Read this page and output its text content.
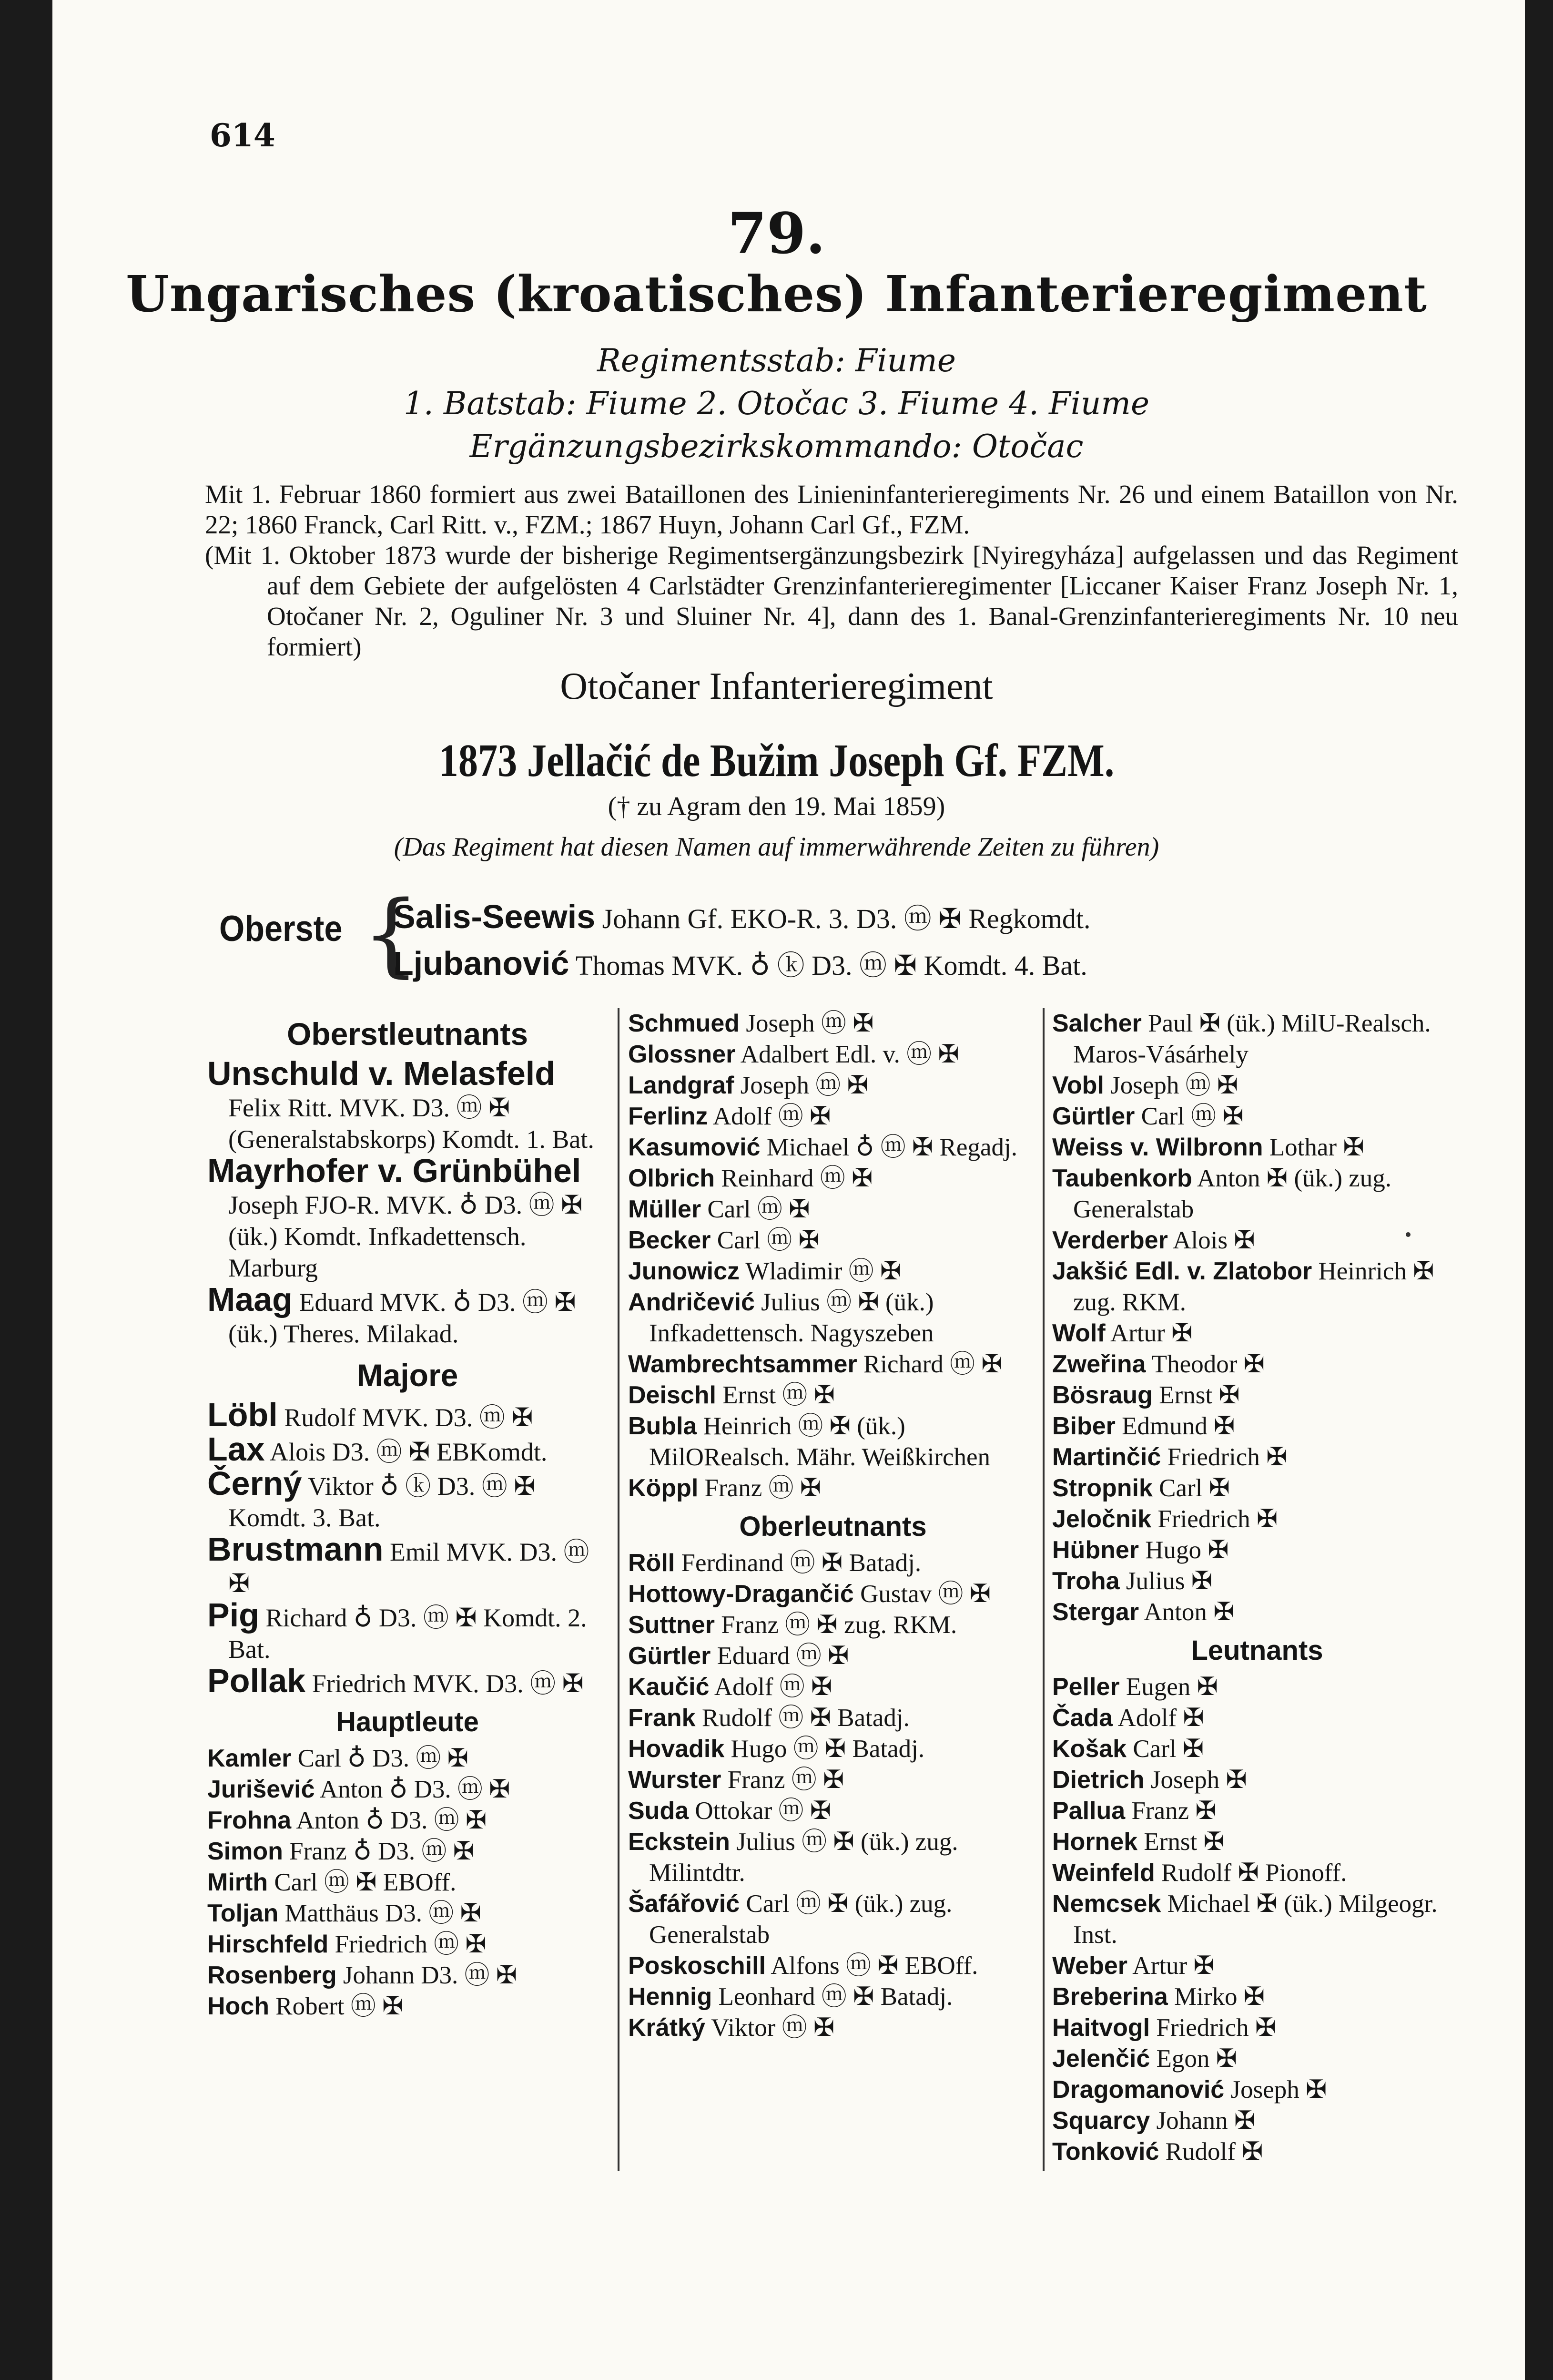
614
79.
Ungarisches (kroatisches) Infanterieregiment
Regimentsstab: Fiume
1. Batstab: Fiume 2. Otočac 3. Fiume 4. Fiume
Ergänzungsbezirkskommando: Otočac

Mit 1. Februar 1860 formiert aus zwei Bataillonen des Linieninfanterieregiments Nr. 26 und einem Bataillon von Nr. 22; 1860 Franck, Carl Ritt. v., FZM.; 1867 Huyn, Johann Carl Gf., FZM.

(Mit 1. Oktober 1873 wurde der bisherige Regimentsergänzungsbezirk [Nyiregyháza] aufgelassen und das Regiment auf dem Gebiete der aufgelösten 4 Carlstädter Grenzinfanterieregimenter [Liccaner Kaiser Franz Joseph Nr. 1, Otočaner Nr. 2, Oguliner Nr. 3 und Sluiner Nr. 4], dann des 1. Banal-Grenzinfanterieregiments Nr. 10 neu formiert)

Otočaner Infanterieregiment
1873 Jellačić de Bužim Joseph Gf. FZM.
(† zu Agram den 19. Mai 1859)
(Das Regiment hat diesen Namen auf immerwährende Zeiten zu führen)
Oberste {
Salis-Seewis Johann Gf. EKO-R. 3. D3. ⓜ ✠ Regkomdt.
Ljubanović Thomas MVK. ♁ ⓚ D3. ⓜ ✠ Komdt. 4. Bat.
Oberstleutnants

Unschuld v. Melasfeld Felix Ritt. MVK. D3. ⓜ ✠ (Generalstabskorps) Komdt. 1. Bat.

Mayrhofer v. Grünbühel Joseph FJO-R. MVK. ♁ D3. ⓜ ✠ (ük.) Komdt. Infkadettensch. Marburg

Maag Eduard MVK. ♁ D3. ⓜ ✠ (ük.) Theres. Milakad.

Majore

Löbl Rudolf MVK. D3. ⓜ ✠

Lax Alois D3. ⓜ ✠ EBKomdt.

Černý Viktor ♁ ⓚ D3. ⓜ ✠ Komdt. 3. Bat.

Brustmann Emil MVK. D3. ⓜ ✠

Pig Richard ♁ D3. ⓜ ✠ Komdt. 2. Bat.

Pollak Friedrich MVK. D3. ⓜ ✠

Hauptleute

Kamler Carl ♁ D3. ⓜ ✠

Jurišević Anton ♁ D3. ⓜ ✠

Frohna Anton ♁ D3. ⓜ ✠

Simon Franz ♁ D3. ⓜ ✠

Mirth Carl ⓜ ✠ EBOff.

Toljan Matthäus D3. ⓜ ✠

Hirschfeld Friedrich ⓜ ✠

Rosenberg Johann D3. ⓜ ✠

Hoch Robert ⓜ ✠

Schmued Joseph ⓜ ✠

Glossner Adalbert Edl. v. ⓜ ✠

Landgraf Joseph ⓜ ✠

Ferlinz Adolf ⓜ ✠

Kasumović Michael ♁ ⓜ ✠ Regadj.

Olbrich Reinhard ⓜ ✠

Müller Carl ⓜ ✠

Becker Carl ⓜ ✠

Junowicz Wladimir ⓜ ✠

Andričević Julius ⓜ ✠ (ük.) Infkadettensch. Nagyszeben

Wambrechtsammer Richard ⓜ ✠

Deischl Ernst ⓜ ✠

Bubla Heinrich ⓜ ✠ (ük.) MilORealsch. Mähr. Weißkirchen

Köppl Franz ⓜ ✠

Oberleutnants

Röll Ferdinand ⓜ ✠ Batadj.

Hottowy-Dragančić Gustav ⓜ ✠

Suttner Franz ⓜ ✠ zug. RKM.

Gürtler Eduard ⓜ ✠

Kaučić Adolf ⓜ ✠

Frank Rudolf ⓜ ✠ Batadj.

Hovadik Hugo ⓜ ✠ Batadj.

Wurster Franz ⓜ ✠

Suda Ottokar ⓜ ✠

Eckstein Julius ⓜ ✠ (ük.) zug. Milintdtr.

Šafářović Carl ⓜ ✠ (ük.) zug. Generalstab

Poskoschill Alfons ⓜ ✠ EBOff.

Hennig Leonhard ⓜ ✠ Batadj.

Krátký Viktor ⓜ ✠

Salcher Paul ✠ (ük.) MilU-Realsch. Maros-Vásárhely

Vobl Joseph ⓜ ✠

Gürtler Carl ⓜ ✠

Weiss v. Wilbronn Lothar ✠

Taubenkorb Anton ✠ (ük.) zug. Generalstab

Verderber Alois ✠

Jakšić Edl. v. Zlatobor Heinrich ✠ zug. RKM.

Wolf Artur ✠

Zweřina Theodor ✠

Bösraug Ernst ✠

Biber Edmund ✠

Martinčić Friedrich ✠

Stropnik Carl ✠

Jeločnik Friedrich ✠

Hübner Hugo ✠

Troha Julius ✠

Stergar Anton ✠

Leutnants

Peller Eugen ✠

Čada Adolf ✠

Košak Carl ✠

Dietrich Joseph ✠

Pallua Franz ✠

Hornek Ernst ✠

Weinfeld Rudolf ✠ Pionoff.

Nemcsek Michael ✠ (ük.) Milgeogr. Inst.

Weber Artur ✠

Breberina Mirko ✠

Haitvogl Friedrich ✠

Jelenčić Egon ✠

Dragomanović Joseph ✠

Squarcy Johann ✠

Tonković Rudolf ✠
